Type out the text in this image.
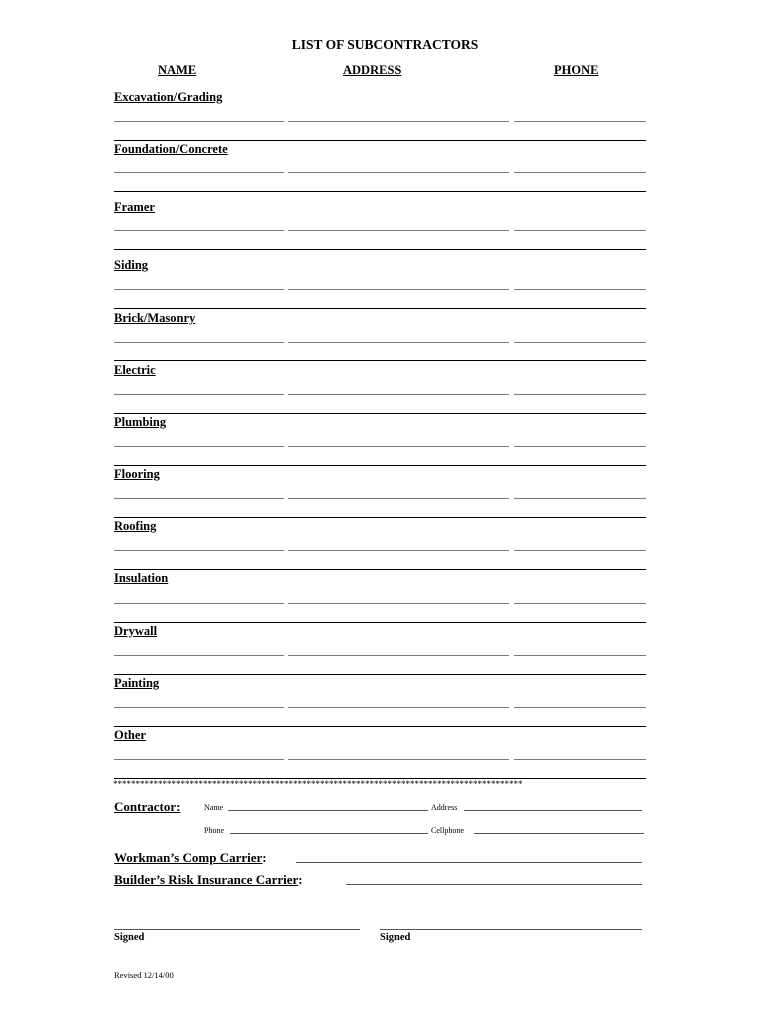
LIST OF SUBCONTRACTORS
NAME	ADDRESS	PHONE
Excavation/Grading
Foundation/Concrete
Framer
Siding
Brick/Masonry
Electric
Plumbing
Flooring
Roofing
Insulation
Drywall
Painting
Other
*******************************************************************************************
Contractor:	Name	Address
Phone	Cellphone
Workman’s Comp Carrier:
Builder’s Risk Insurance Carrier:
Signed	Signed
Revised 12/14/00
